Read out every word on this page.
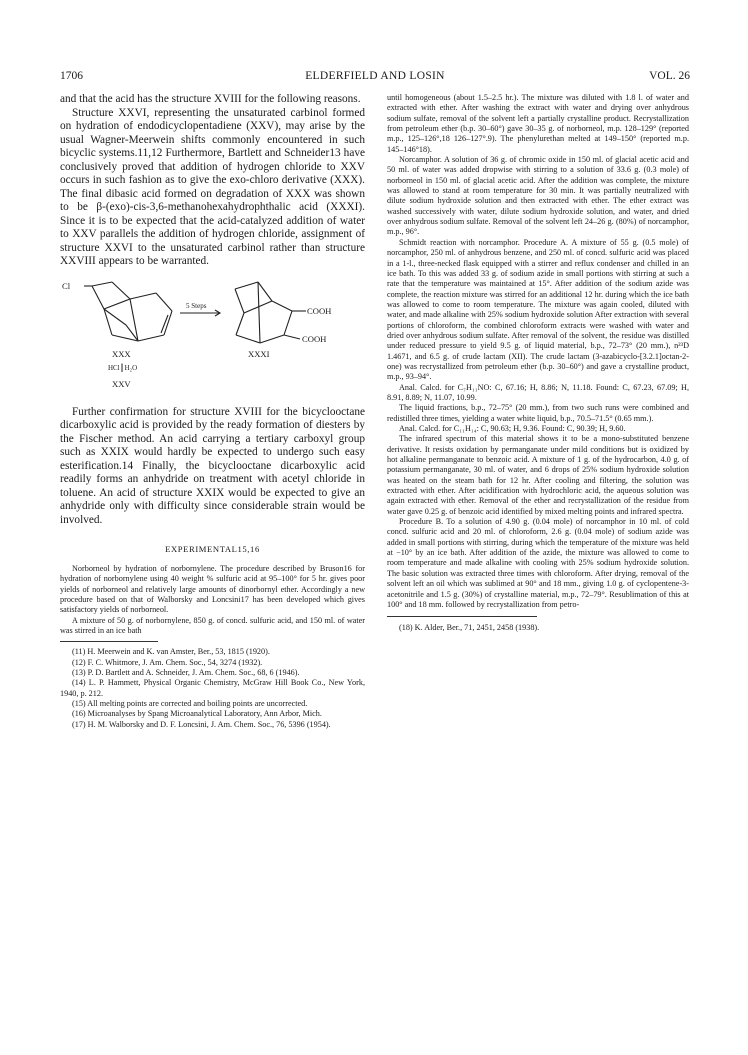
1706	ELDERFIELD AND LOSIN	VOL. 26

and that the acid has the structure XVIII for the following reasons.

Structure XXVI, representing the unsaturated carbinol formed on hydration of endodicyclopentadiene (XXV), may arise by the usual Wagner-Meerwein shifts commonly encountered in such bicyclic systems.11,12 Furthermore, Bartlett and Schneider13 have conclusively proved that addition of hydrogen chloride to XXV occurs in such fashion as to give the exo-chloro derivative (XXX). The final dibasic acid formed on degradation of XXX was shown to be β-(exo)-cis-3,6-methanohexahydrophthalic acid (XXXI). Since it is to be expected that the acid-catalyzed addition of water to XXV parallels the addition of hydrogen chloride, assignment of structure XXVI to the unsaturated carbinol rather than structure XXVIII appears to be warranted.

Cl
5 Steps	COOH
COOH
XXX	XXXI
HCl║H₂O
XXV

Further confirmation for structure XVIII for the bicyclooctane dicarboxylic acid is provided by the ready formation of diesters by the Fischer method. An acid carrying a tertiary carboxyl group such as XXIX would hardly be expected to undergo such easy esterification.14 Finally, the bicyclooctane dicarboxylic acid readily forms an anhydride on treatment with acetyl chloride in toluene. An acid of structure XXIX would be expected to give an anhydride only with difficulty since considerable strain would be involved.

EXPERIMENTAL15,16

Norborneol by hydration of norbornylene. The procedure described by Bruson16 for hydration of norbornylene using 40 weight % sulfuric acid at 95–100° for 5 hr. gives poor yields of norborneol and relatively large amounts of dinorbornyl ether. Accordingly a new procedure based on that of Walborsky and Loncsini17 has been developed which gives satisfactory yields of norborneol.

A mixture of 50 g. of norbornylene, 850 g. of concd. sulfuric acid, and 150 ml. of water was stirred in an ice bath

(11) H. Meerwein and K. van Amster, Ber., 53, 1815 (1920).

(12) F. C. Whitmore, J. Am. Chem. Soc., 54, 3274 (1932).

(13) P. D. Bartlett and A. Schneider, J. Am. Chem. Soc., 68, 6 (1946).

(14) L. P. Hammett, Physical Organic Chemistry, McGraw Hill Book Co., New York, 1940, p. 212.

(15) All melting points are corrected and boiling points are uncorrected.

(16) Microanalyses by Spang Microanalytical Laboratory, Ann Arbor, Mich.

(17) H. M. Walborsky and D. F. Loncsini, J. Am. Chem. Soc., 76, 5396 (1954).

until homogeneous (about 1.5–2.5 hr.). The mixture was diluted with 1.8 l. of water and extracted with ether. After washing the extract with water and drying over anhydrous sodium sulfate, removal of the solvent left a partially crystalline product. Recrystallization from petroleum ether (b.p. 30–60°) gave 30–35 g. of norborneol, m.p. 128–129° (reported m.p., 125–126°,18 126–127°.9). The phenylurethan melted at 149–150° (reported m.p. 145–146°18).

Norcamphor. A solution of 36 g. of chromic oxide in 150 ml. of glacial acetic acid and 50 ml. of water was added dropwise with stirring to a solution of 33.6 g. (0.3 mole) of norborneol in 150 ml. of glacial acetic acid. After the addition was complete, the mixture was allowed to stand at room temperature for 30 min. It was partially neutralized with dilute sodium hydroxide solution and then extracted with ether. The ether extract was washed successively with water, dilute sodium hydroxide solution, and water, and dried over anhydrous sodium sulfate. Removal of the solvent left 24–26 g. (80%) of norcamphor, m.p., 96°.

Schmidt reaction with norcamphor. Procedure A. A mixture of 55 g. (0.5 mole) of norcamphor, 250 ml. of anhydrous benzene, and 250 ml. of concd. sulfuric acid was placed in a 1-l., three-necked flask equipped with a stirrer and reflux condenser and chilled in an ice bath. To this was added 33 g. of sodium azide in small portions with stirring at such a rate that the temperature was maintained at 15°. After addition of the sodium azide was complete, the reaction mixture was stirred for an additional 12 hr. during which the ice bath was allowed to come to room temperature. The mixture was again cooled, diluted with water, and made alkaline with 25% sodium hydroxide solution After extraction with several portions of chloroform, the combined chloroform extracts were washed with water and dried over anhydrous sodium sulfate. After removal of the solvent, the residue was distilled under reduced pressure to yield 9.5 g. of liquid material, b.p., 72–73° (20 mm.), n²³D 1.4671, and 6.5 g. of crude lactam (XII). The crude lactam (3-azabicyclo-[3.2.1]octan-2-one) was recrystallized from petroleum ether (b.p. 30–60°) and gave a crystalline product, m.p., 93–94°.

Anal. Calcd. for C₇H₁₁NO: C, 67.16; H, 8.86; N, 11.18. Found: C, 67.23, 67.09; H, 8.91, 8.89; N, 11.07, 10.99.

The liquid fractions, b.p., 72–75° (20 mm.), from two such runs were combined and redistilled three times, yielding a water white liquid, b.p., 70.5–71.5° (0.65 mm.).

Anal. Calcd. for C₁₁H₁₄: C, 90.63; H, 9.36. Found: C, 90.39; H, 9.60.

The infrared spectrum of this material shows it to be a mono-substituted benzene derivative. It resists oxidation by permanganate under mild conditions but is oxidized by hot alkaline permanganate to benzoic acid. A mixture of 1 g. of the hydrocarbon, 4.0 g. of potassium permanganate, 30 ml. of water, and 6 drops of 25% sodium hydroxide solution was heated on the steam bath for 12 hr. After cooling and filtering, the solution was extracted with ether. After acidification with hydrochloric acid, the aqueous solution was again extracted with ether. Removal of the ether and recrystallization of the residue from water gave 0.25 g. of benzoic acid identified by mixed melting points and infrared spectra.

Procedure B. To a solution of 4.90 g. (0.04 mole) of norcamphor in 10 ml. of cold concd. sulfuric acid and 20 ml. of chloroform, 2.6 g. (0.04 mole) of sodium azide was added in small portions with stirring, during which the temperature of the mixture was held at −10° by an ice bath. After addition of the azide, the mixture was allowed to come to room temperature and made alkaline with cooling with 25% sodium hydroxide solution. The basic solution was extracted three times with chloroform. After drying, removal of the solvent left an oil which was sublimed at 90° and 18 mm., giving 1.0 g. of cyclopentene-3-acetonitrile and 1.5 g. (30%) of crystalline material, m.p., 72–79°. Resublimation of this at 100° and 18 mm. followed by recrystallization from petro-

(18) K. Alder, Ber., 71, 2451, 2458 (1938).
